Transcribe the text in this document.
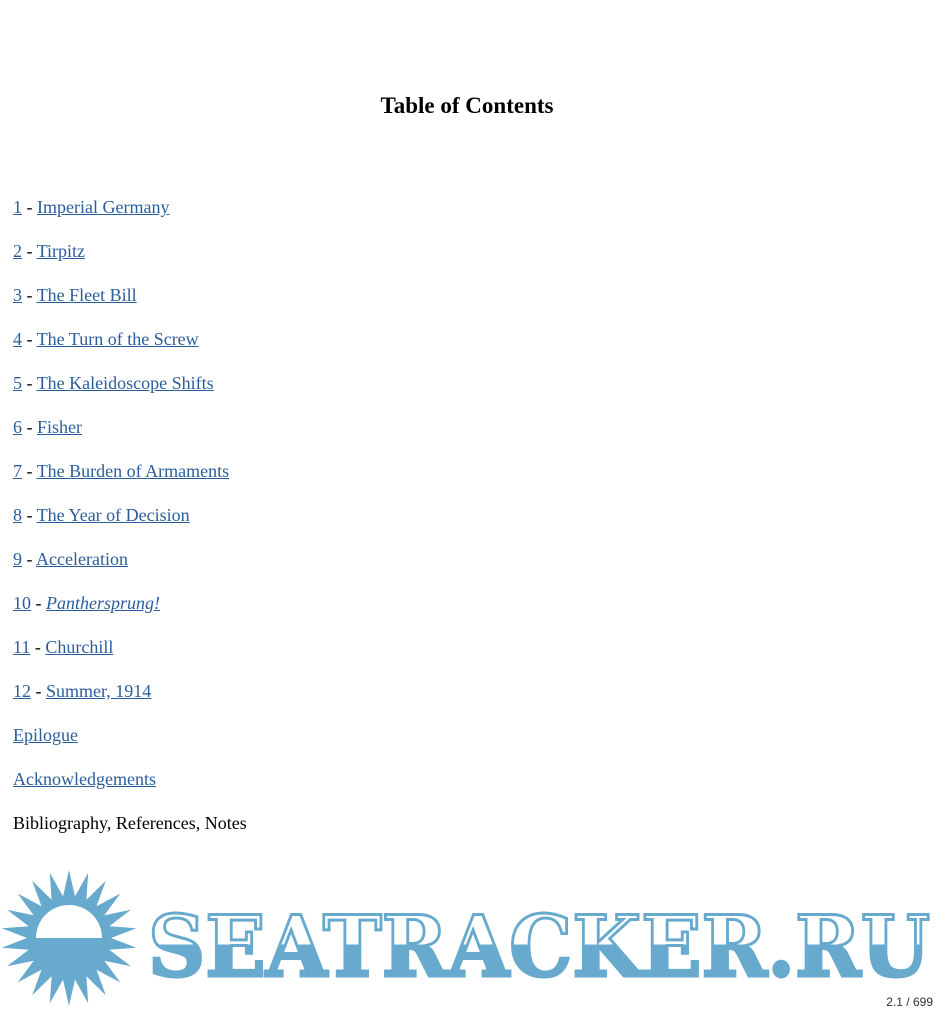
Table of Contents
1 - Imperial Germany
2 - Tirpitz
3 - The Fleet Bill
4 - The Turn of the Screw
5 - The Kaleidoscope Shifts
6 - Fisher
7 - The Burden of Armaments
8 - The Year of Decision
9 - Acceleration
10 - Panthersprung!
11 - Churchill
12 - Summer, 1914
Epilogue
Acknowledgements
Bibliography, References, Notes
SEATRACKER.RU
2.1 / 699
